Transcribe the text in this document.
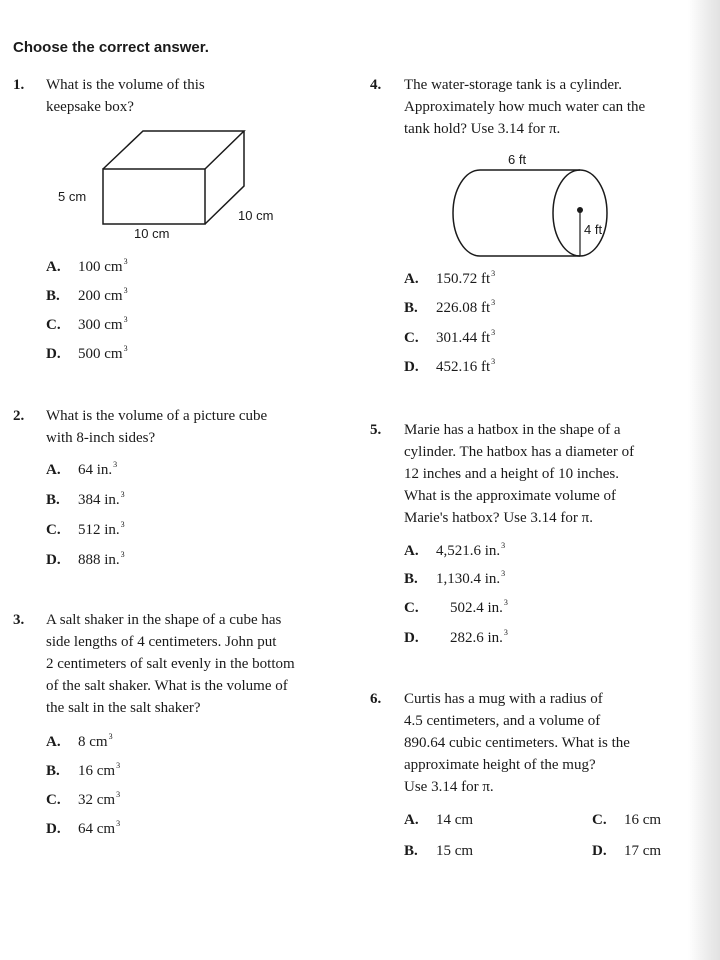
Choose the correct answer.
1. What is the volume of this
keepsake box?

5 cm
10 cm
10 cm
A. 100 $cm^3$
B. 200 $cm^3$
C. 300 $cm^3$
D. 500 $cm^3$
2. What is the volume of a picture cube
with 8-inch sides?

A. 64 in.$^3$
B. 384 in.$^3$
C. 512 in.$^3$
D. 888 in.$^3$
3. A salt shaker in the shape of a cube has
side lengths of 4 centimeters. John put
2 centimeters of salt evenly in the bottom
of the salt shaker. What is the volume of
the salt in the salt shaker?

A. 8 $cm^3$
B. 16 $cm^3$
C. 32 $cm^3$
D. 64 $cm^3$
4. The water-storage tank is a cylinder.
Approximately how much water can the
tank hold? Use 3.14 for π.

6 ft
4 ft
A. 150.72 $ft^3$
B. 226.08 $ft^3$
C. 301.44 $ft^3$
D. 452.16 $ft^3$
5. Marie has a hatbox in the shape of a
cylinder. The hatbox has a diameter of
12 inches and a height of 10 inches.
What is the approximate volume of
Marie's hatbox? Use 3.14 for π.

A. 4,521.6 in.$^3$
B. 1,130.4 in.$^3$
C. 502.4 in.$^3$
D. 282.6 in.$^3$
6. Curtis has a mug with a radius of
4.5 centimeters, and a volume of
890.64 cubic centimeters. What is the
approximate height of the mug?
Use 3.14 for π.

A. 14 cm
B. 15 cm
C. 16 cm
D. 17 cm
